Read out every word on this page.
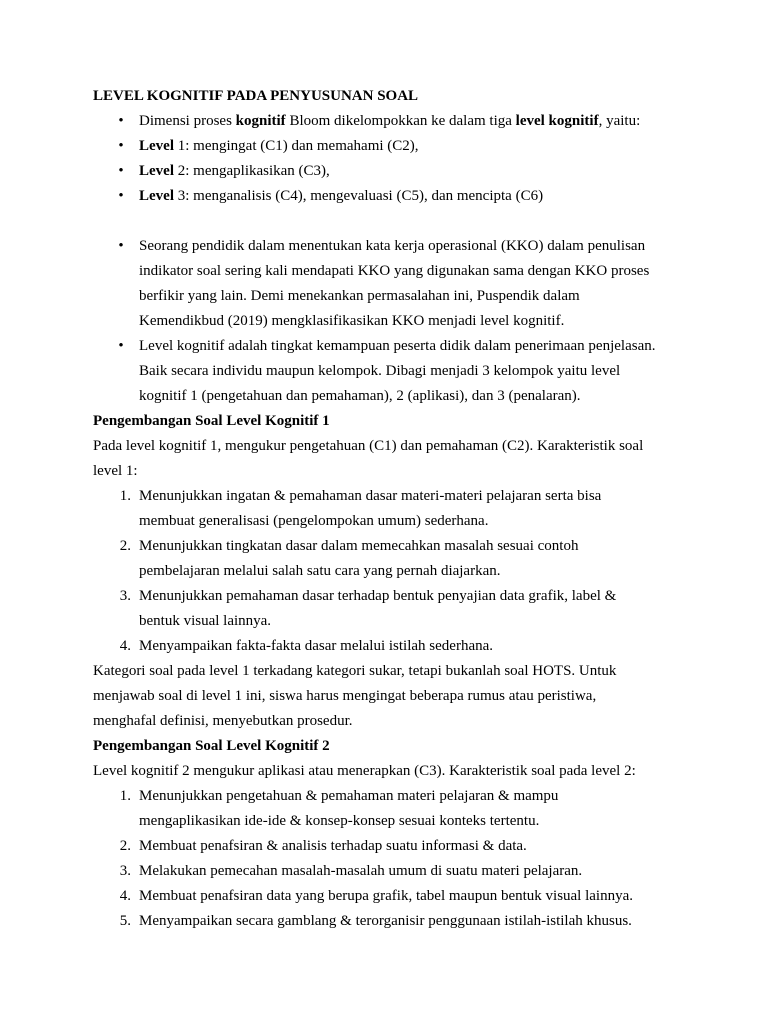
LEVEL KOGNITIF PADA PENYUSUNAN SOAL
•	Dimensi proses kognitif Bloom dikelompokkan ke dalam tiga level kognitif, yaitu:
•	Level 1: mengingat (C1) dan memahami (C2),
•	Level 2: mengaplikasikan (C3),
•	Level 3: menganalisis (C4), mengevaluasi (C5), dan mencipta (C6)
•	Seorang pendidik dalam menentukan kata kerja operasional (KKO) dalam penulisan
indikator soal sering kali mendapati KKO yang digunakan sama dengan KKO proses
berfikir yang lain. Demi menekankan permasalahan ini, Puspendik dalam
Kemendikbud (2019) mengklasifikasikan KKO menjadi level kognitif.
•	Level kognitif adalah tingkat kemampuan peserta didik dalam penerimaan penjelasan.
Baik secara individu maupun kelompok. Dibagi menjadi 3 kelompok yaitu level
kognitif 1 (pengetahuan dan pemahaman), 2 (aplikasi), dan 3 (penalaran).
Pengembangan Soal Level Kognitif 1
Pada level kognitif 1, mengukur pengetahuan (C1) dan pemahaman (C2). Karakteristik soal
level 1:
1. Menunjukkan ingatan & pemahaman dasar materi-materi pelajaran serta bisa
membuat generalisasi (pengelompokan umum) sederhana.
2. Menunjukkan tingkatan dasar dalam memecahkan masalah sesuai contoh
pembelajaran melalui salah satu cara yang pernah diajarkan.
3. Menunjukkan pemahaman dasar terhadap bentuk penyajian data grafik, label &
bentuk visual lainnya.
4. Menyampaikan fakta-fakta dasar melalui istilah sederhana.
Kategori soal pada level 1 terkadang kategori sukar, tetapi bukanlah soal HOTS. Untuk
menjawab soal di level 1 ini, siswa harus mengingat beberapa rumus atau peristiwa,
menghafal definisi, menyebutkan prosedur.
Pengembangan Soal Level Kognitif 2
Level kognitif 2 mengukur aplikasi atau menerapkan (C3). Karakteristik soal pada level 2:
1. Menunjukkan pengetahuan & pemahaman materi pelajaran & mampu
mengaplikasikan ide-ide & konsep-konsep sesuai konteks tertentu.
2. Membuat penafsiran & analisis terhadap suatu informasi & data.
3. Melakukan pemecahan masalah-masalah umum di suatu materi pelajaran.
4. Membuat penafsiran data yang berupa grafik, tabel maupun bentuk visual lainnya.
5. Menyampaikan secara gamblang & terorganisir penggunaan istilah-istilah khusus.
